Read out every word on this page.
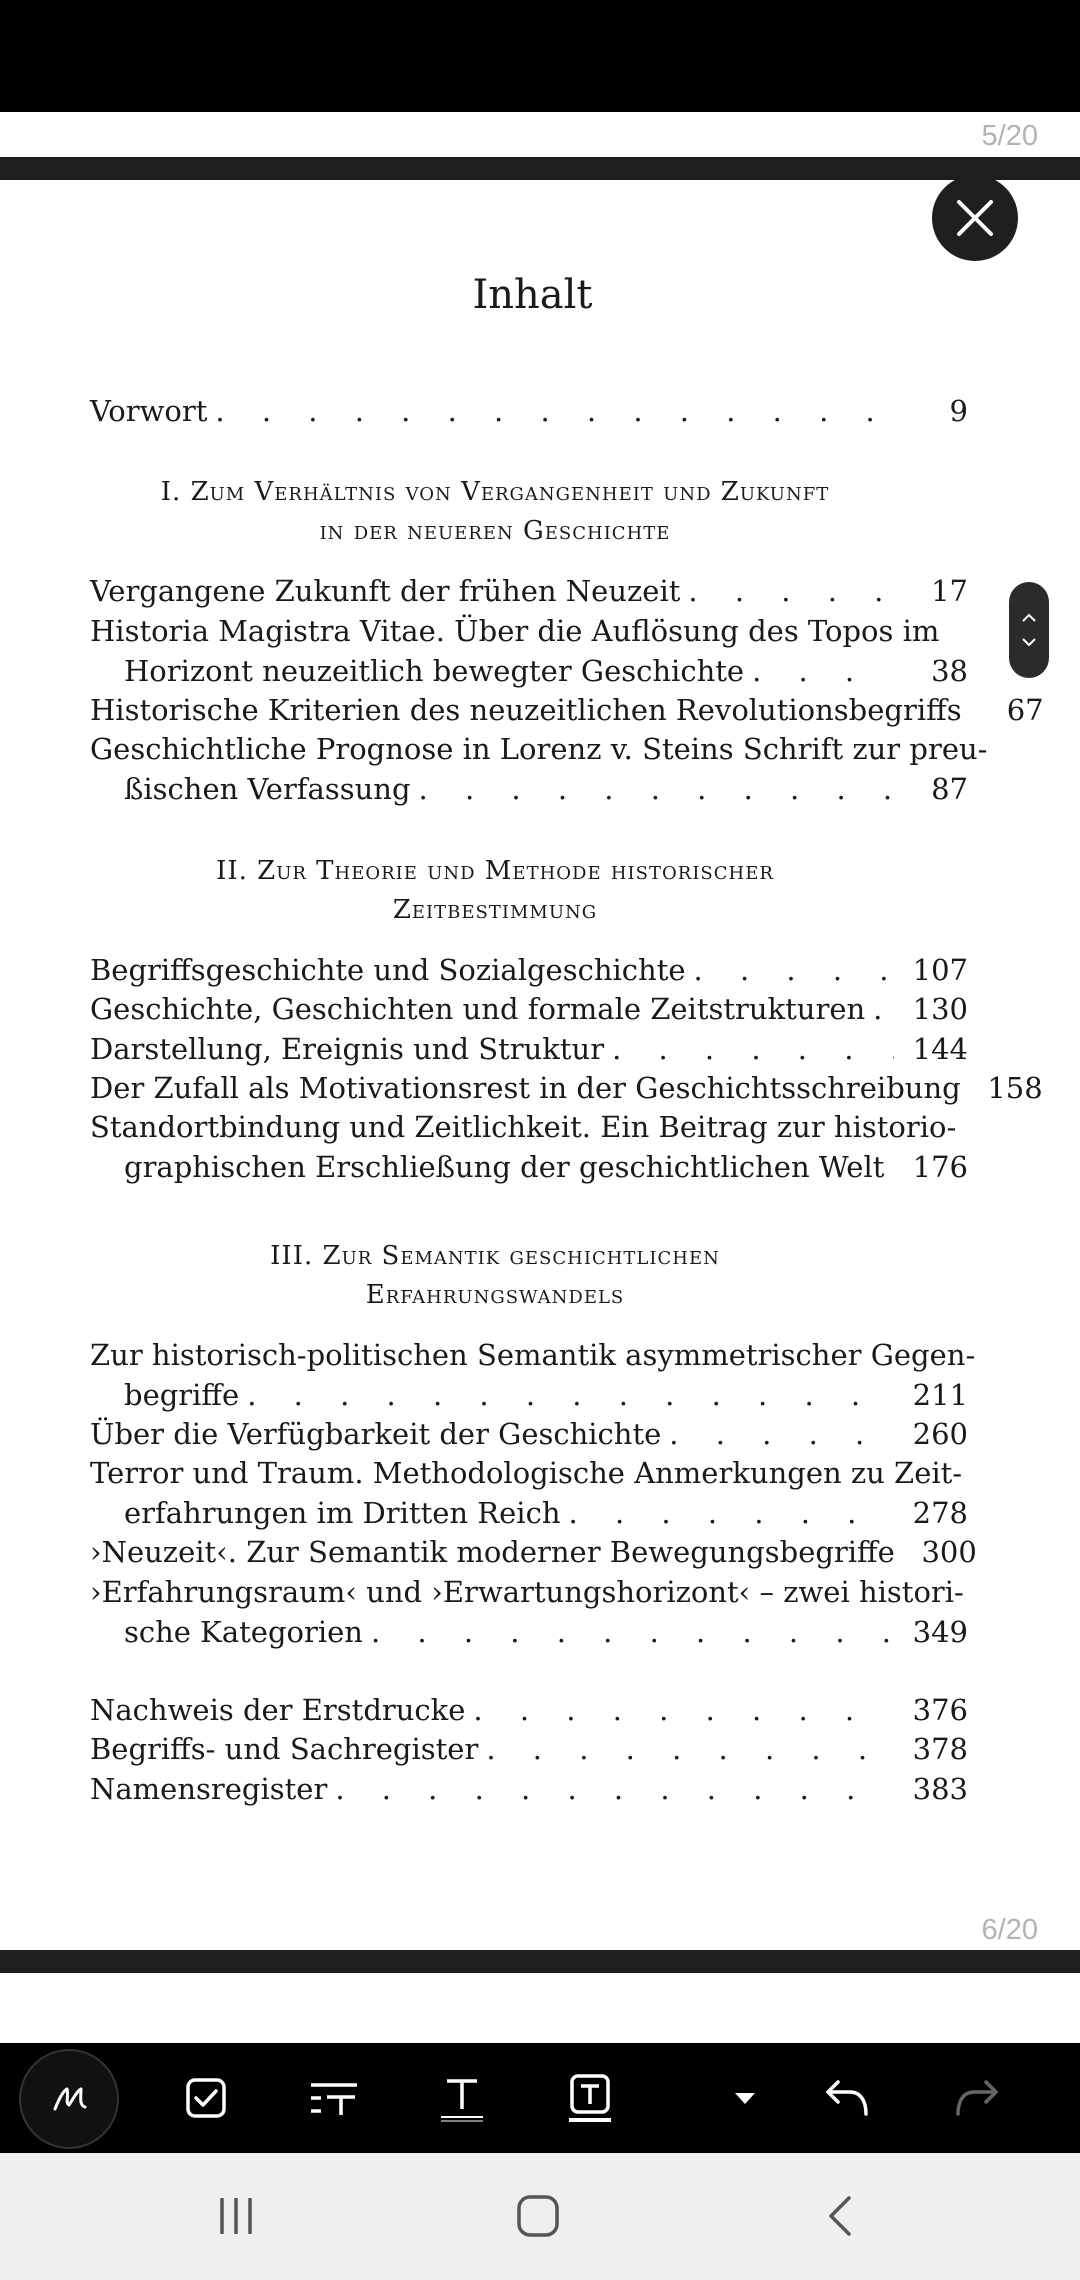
5/20
Inhalt
Vorwort . . .	9
I. Zum Verhältnis von Vergangenheit und Zukunft
in der neueren Geschichte
Vergangene Zukunft der frühen Neuzeit . . .	17
Historia Magistra Vitae. Über die Auflösung des Topos im
Horizont neuzeitlich bewegter Geschichte . . .	38
Historische Kriterien des neuzeitlichen Revolutionsbegriffs	67
Geschichtliche Prognose in Lorenz v. Steins Schrift zur preu-
ßischen Verfassung . . .	87
II. Zur Theorie und Methode historischer
Zeitbestimmung
Begriffsgeschichte und Sozialgeschichte . . .	107
Geschichte, Geschichten und formale Zeitstrukturen . . . 130
Darstellung, Ereignis und Struktur . . .	144
Der Zufall als Motivationsrest in der Geschichtsschreibung 158
Standortbindung und Zeitlichkeit. Ein Beitrag zur historio-
graphischen Erschließung der geschichtlichen Welt . . . 176
III. Zur Semantik geschichtlichen
Erfahrungswandels
Zur historisch-politischen Semantik asymmetrischer Gegen-
begriffe . . .	211
Über die Verfügbarkeit der Geschichte . . .	260
Terror und Traum. Methodologische Anmerkungen zu Zeit-
erfahrungen im Dritten Reich . . .	278
›Neuzeit‹. Zur Semantik moderner Bewegungsbegriffe 300
›Erfahrungsraum‹ und ›Erwartungshorizont‹ – zwei histori-
sche Kategorien . . .	349
Nachweis der Erstdrucke . . .	376
Begriffs- und Sachregister . . .	378
Namensregister . . .	383
6/20
